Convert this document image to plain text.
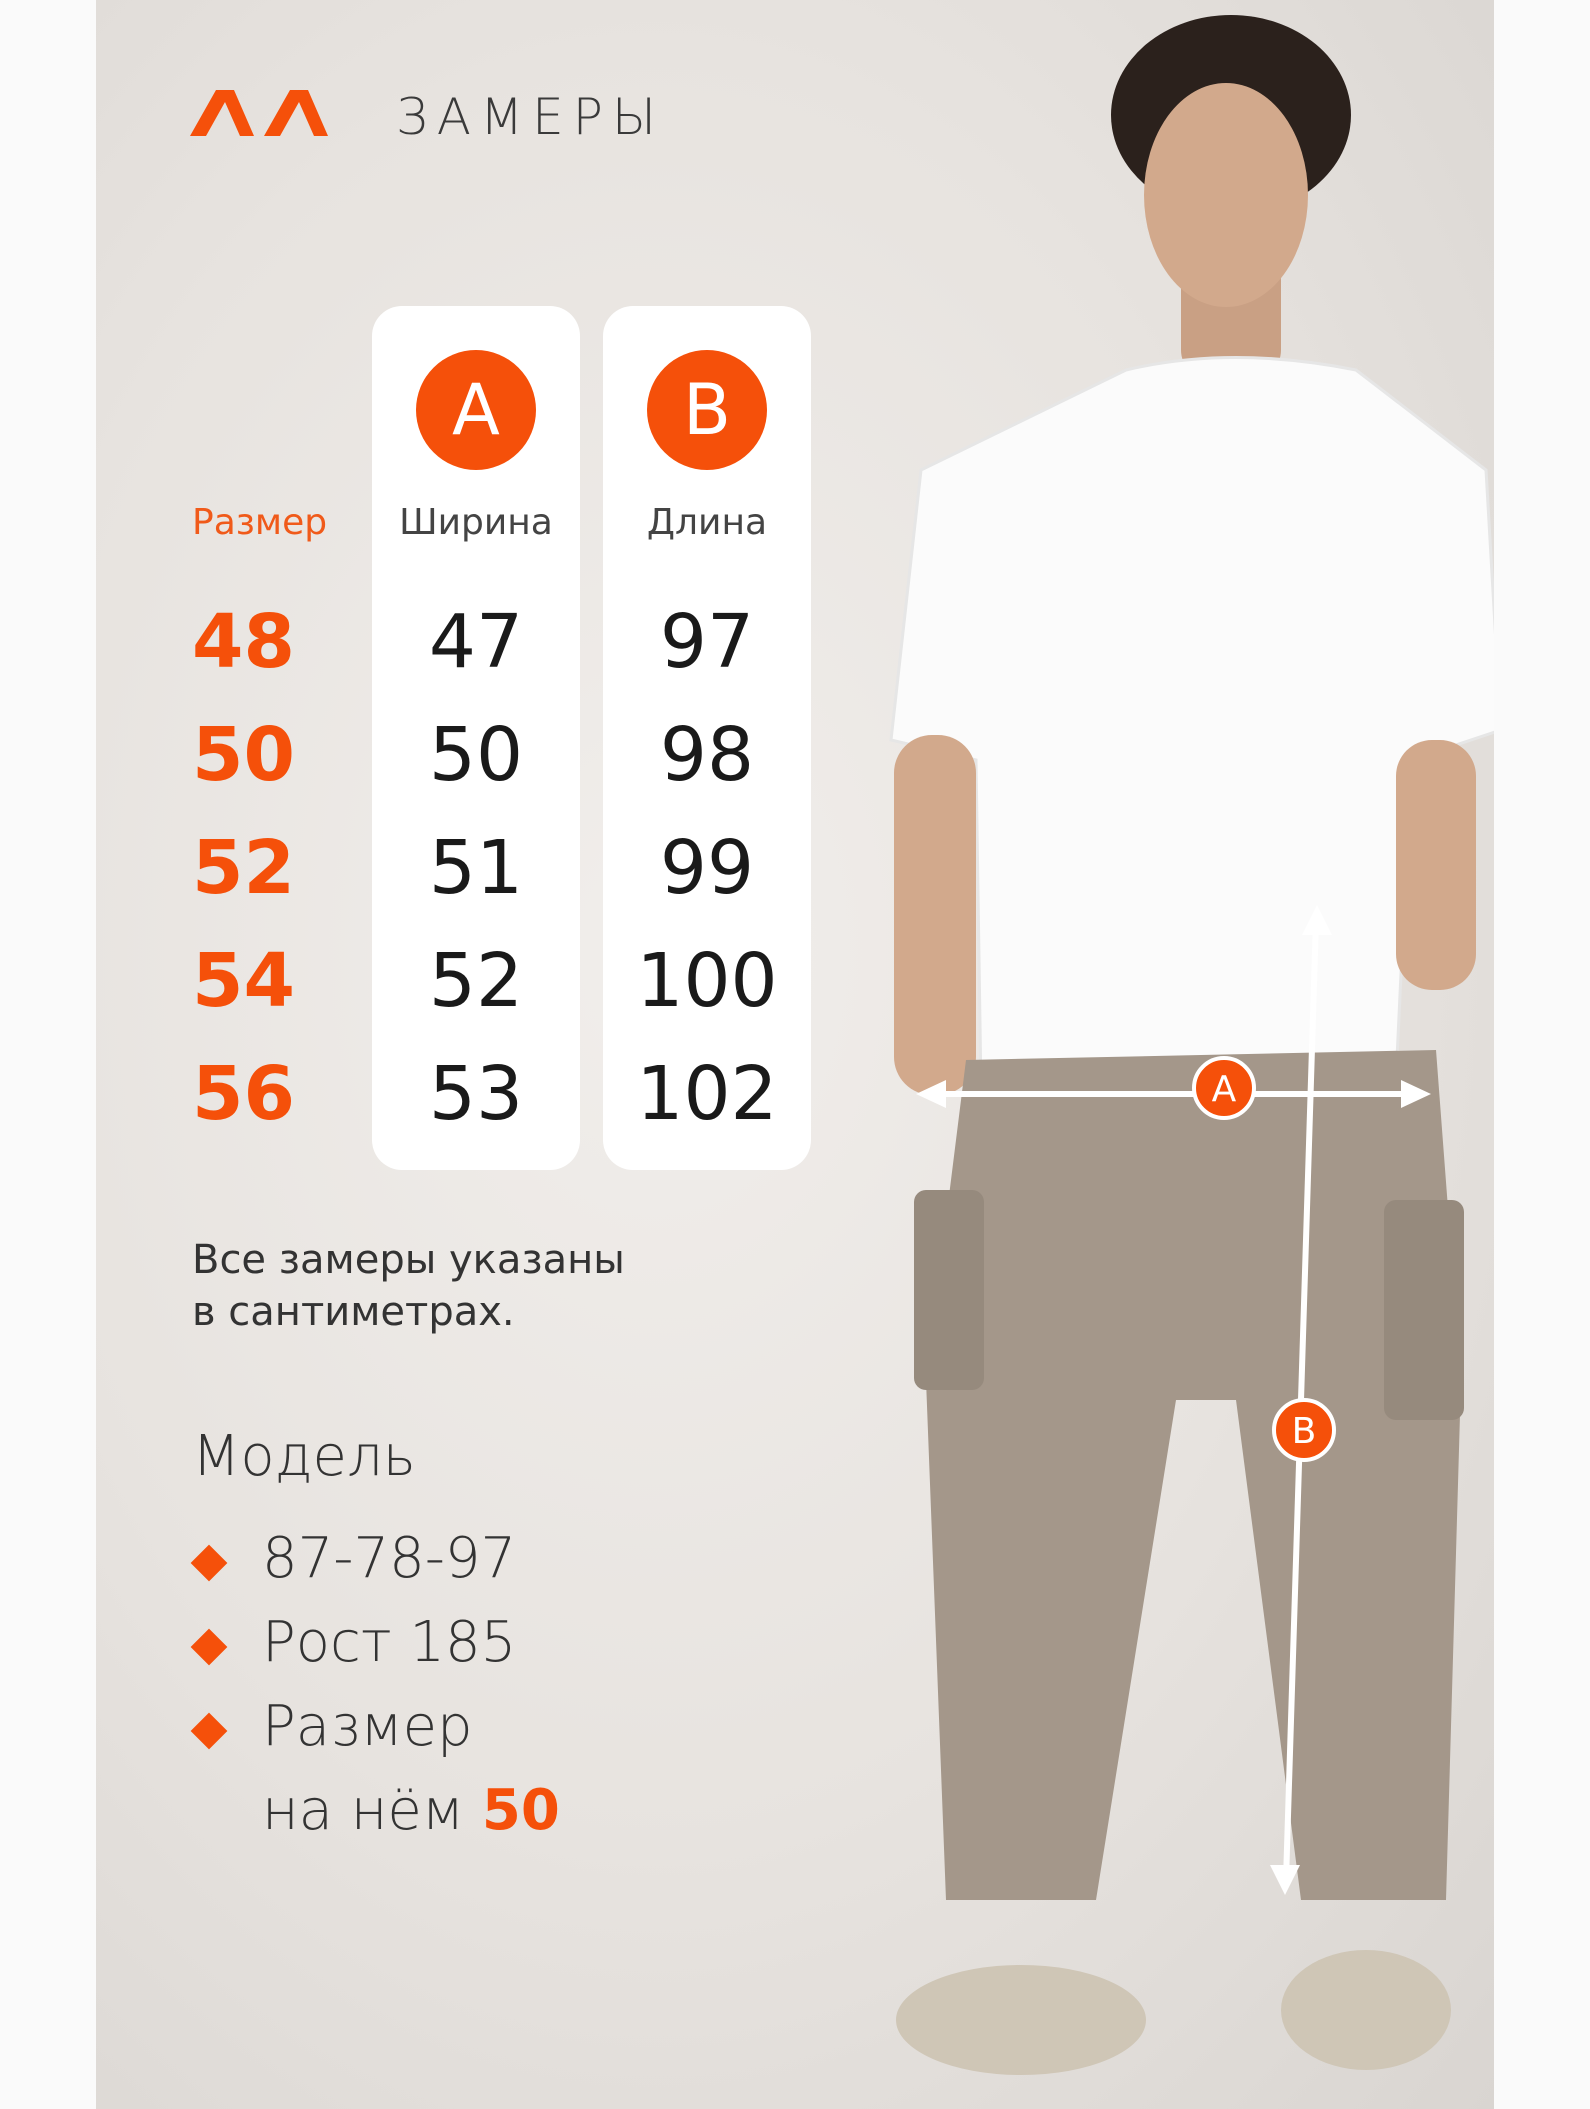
ЗАМЕРЫ
Размер
48
50
52
54
56
A
Ширина
47
50
51
52
53
B
Длина
97
98
99
100
102
Все замеры указаны
в сантиметрах.
Модель
87-78-97
Рост 185
Размер
на нём 50
A
B
